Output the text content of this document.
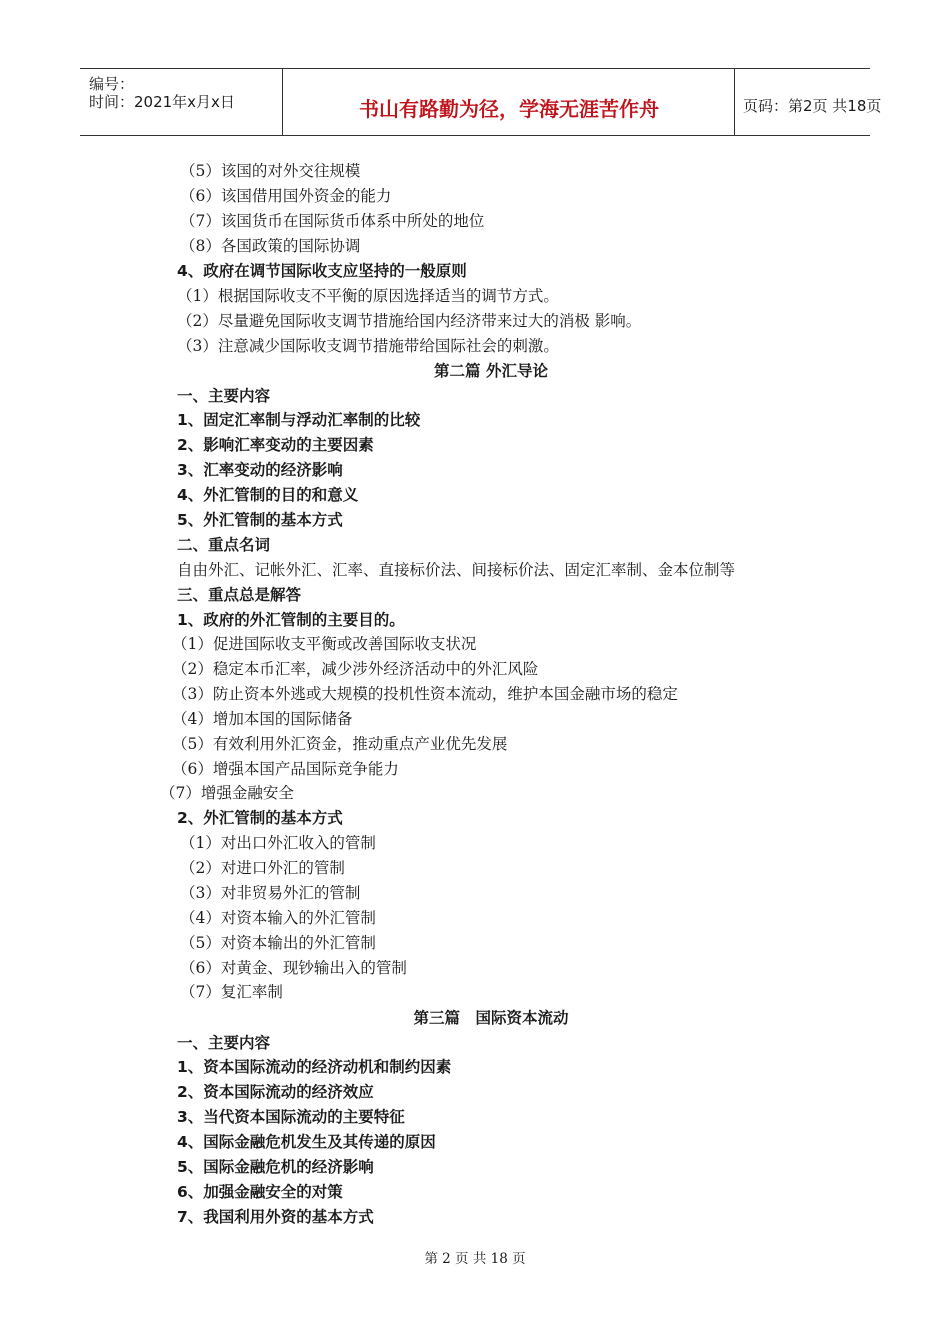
编号：
时间：2021年x月x日	书山有路勤为径，学海无涯苦作舟	页码：第2页 共18页
（5）该国的对外交往规模
（6）该国借用国外资金的能力
（7）该国货币在国际货币体系中所处的地位
（8）各国政策的国际协调
4、政府在调节国际收支应坚持的一般原则
（1）根据国际收支不平衡的原因选择适当的调节方式。
（2）尽量避免国际收支调节措施给国内经济带来过大的消极 影响。
（3）注意减少国际收支调节措施带给国际社会的刺激。
第二篇 外汇导论
一、主要内容
1、固定汇率制与浮动汇率制的比较
2、影响汇率变动的主要因素
3、汇率变动的经济影响
4、外汇管制的目的和意义
5、外汇管制的基本方式
二、重点名词
自由外汇、记帐外汇、汇率、直接标价法、间接标价法、固定汇率制、金本位制等
三、重点总是解答
1、政府的外汇管制的主要目的。
（1）促进国际收支平衡或改善国际收支状况
（2）稳定本币汇率，减少涉外经济活动中的外汇风险
（3）防止资本外逃或大规模的投机性资本流动，维护本国金融市场的稳定
（4）增加本国的国际储备
（5）有效利用外汇资金，推动重点产业优先发展
（6）增强本国产品国际竞争能力
（7）增强金融安全
2、外汇管制的基本方式
（1）对出口外汇收入的管制
（2）对进口外汇的管制
（3）对非贸易外汇的管制
（4）对资本输入的外汇管制
（5）对资本输出的外汇管制
（6）对黄金、现钞输出入的管制
（7）复汇率制
第三篇　国际资本流动
一、主要内容
1、资本国际流动的经济动机和制约因素
2、资本国际流动的经济效应
3、当代资本国际流动的主要特征
4、国际金融危机发生及其传递的原因
5、国际金融危机的经济影响
6、加强金融安全的对策
7、我国利用外资的基本方式
第 2 页 共 18 页
